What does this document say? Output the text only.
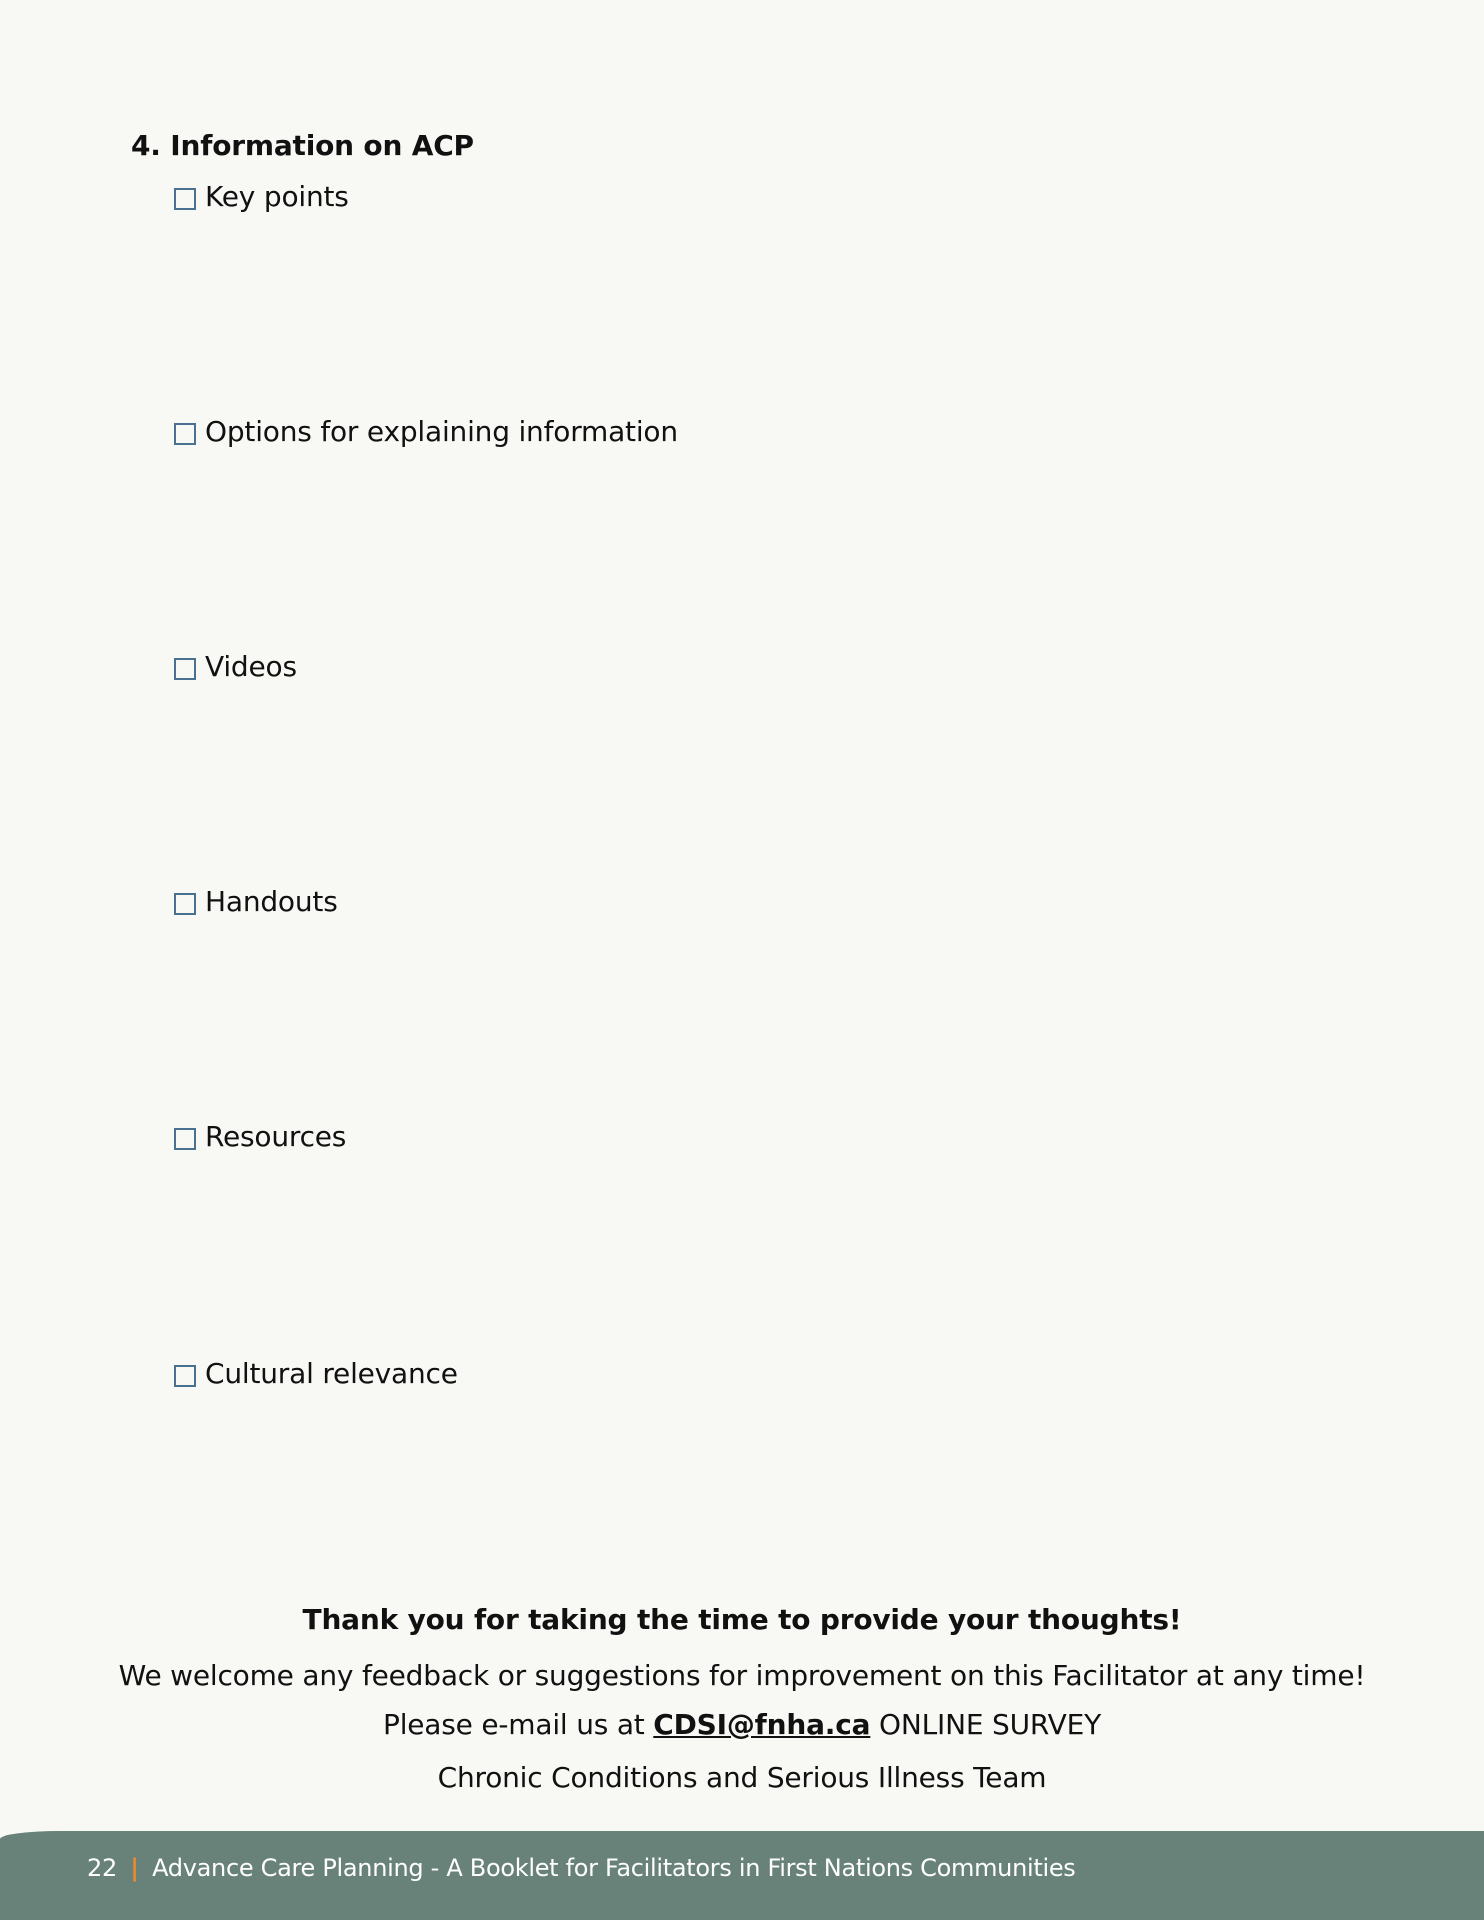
4. Information on ACP
Key points
Options for explaining information
Videos
Handouts
Resources
Cultural relevance
Thank you for taking the time to provide your thoughts!
We welcome any feedback or suggestions for improvement on this Facilitator at any time!
Please e-mail us at CDSI@fnha.ca ONLINE SURVEY
Chronic Conditions and Serious Illness Team
22 | Advance Care Planning - A Booklet for Facilitators in First Nations Communities
